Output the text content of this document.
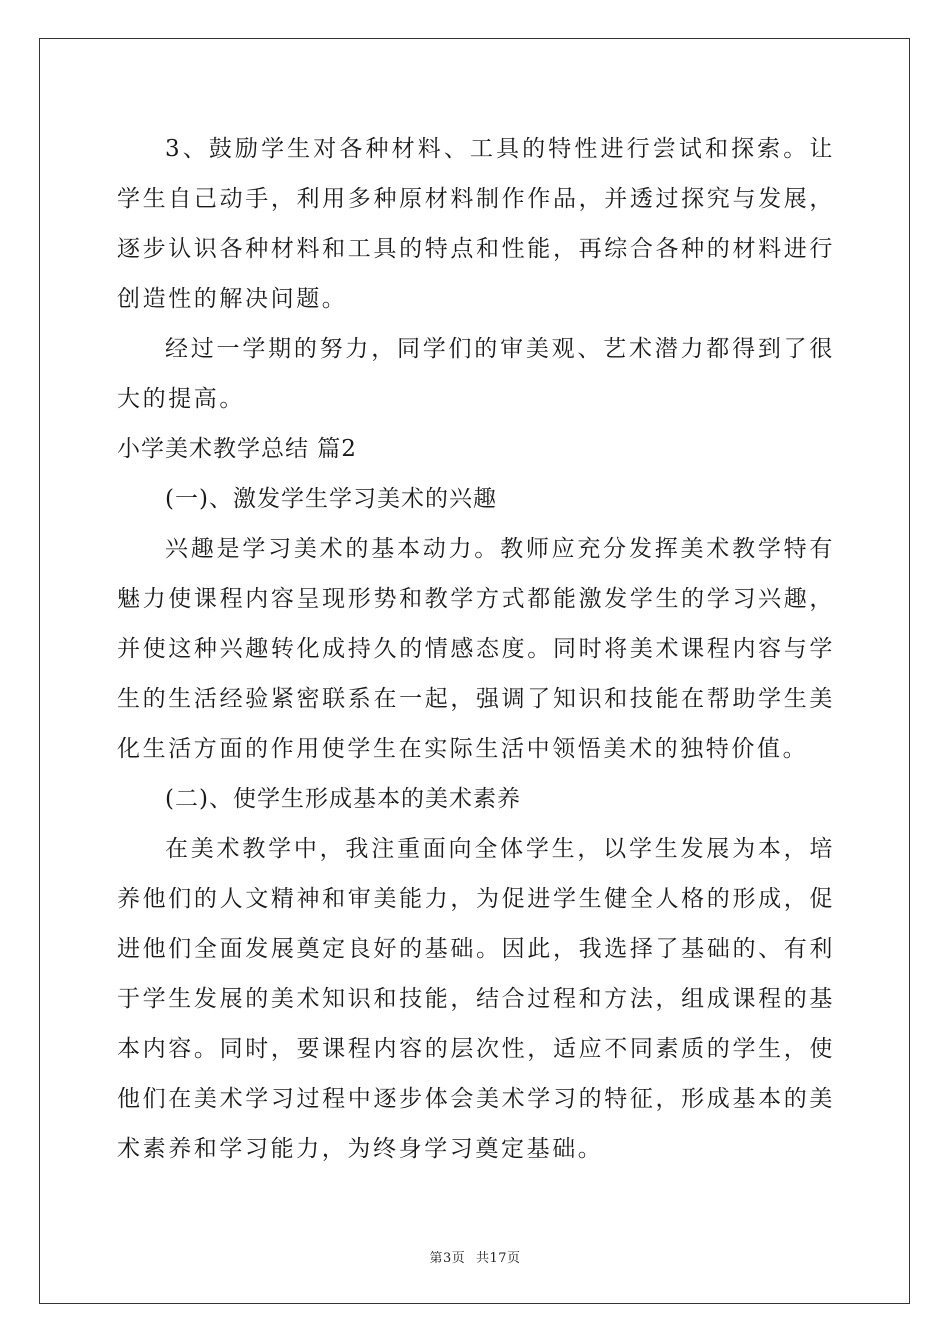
3、鼓励学生对各种材料、工具的特性进行尝试和探索。让学生自己动手，利用多种原材料制作作品，并透过探究与发展，逐步认识各种材料和工具的特点和性能，再综合各种的材料进行创造性的解决问题。

经过一学期的努力，同学们的审美观、艺术潜力都得到了很大的提高。

小学美术教学总结 篇2

(一)、激发学生学习美术的兴趣

兴趣是学习美术的基本动力。教师应充分发挥美术教学特有魅力使课程内容呈现形势和教学方式都能激发学生的学习兴趣，并使这种兴趣转化成持久的情感态度。同时将美术课程内容与学生的生活经验紧密联系在一起，强调了知识和技能在帮助学生美化生活方面的作用使学生在实际生活中领悟美术的独特价值。

(二)、使学生形成基本的美术素养

在美术教学中，我注重面向全体学生，以学生发展为本，培养他们的人文精神和审美能力，为促进学生健全人格的形成，促进他们全面发展奠定良好的基础。因此，我选择了基础的、有利于学生发展的美术知识和技能，结合过程和方法，组成课程的基本内容。同时，要课程内容的层次性，适应不同素质的学生，使他们在美术学习过程中逐步体会美术学习的特征，形成基本的美术素养和学习能力，为终身学习奠定基础。

第3页 共17页
